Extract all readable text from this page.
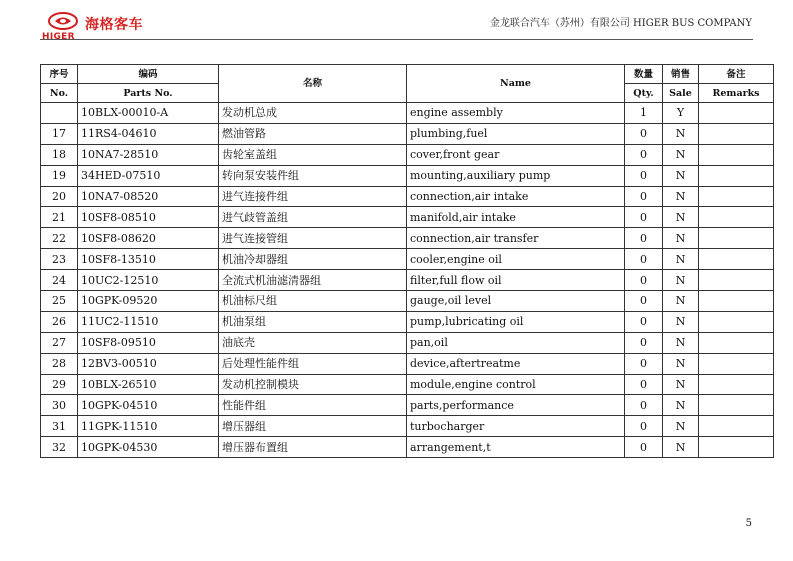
海格客车
HIGER
金龙联合汽车（苏州）有限公司 HIGER BUS COMPANY
序号	编码	名称	Name	数量	销售	备注
No.	Parts No.			Qty.	Sale	Remarks
	10BLX-00010-A	发动机总成	engine assembly	1	Y	
17	11RS4-04610	燃油管路	plumbing,fuel	0	N	
18	10NA7-28510	齿轮室盖组	cover,front gear	0	N	
19	34HED-07510	转向泵安装件组	mounting,auxiliary pump	0	N	
20	10NA7-08520	进气连接件组	connection,air intake	0	N	
21	10SF8-08510	进气歧管盖组	manifold,air intake	0	N	
22	10SF8-08620	进气连接管组	connection,air transfer	0	N	
23	10SF8-13510	机油冷却器组	cooler,engine oil	0	N	
24	10UC2-12510	全流式机油滤清器组	filter,full flow oil	0	N	
25	10GPK-09520	机油标尺组	gauge,oil level	0	N	
26	11UC2-11510	机油泵组	pump,lubricating oil	0	N	
27	10SF8-09510	油底壳	pan,oil	0	N	
28	12BV3-00510	后处理性能件组	device,aftertreatme	0	N	
29	10BLX-26510	发动机控制模块	module,engine control	0	N	
30	10GPK-04510	性能件组	parts,performance	0	N	
31	11GPK-11510	增压器组	turbocharger	0	N	
32	10GPK-04530	增压器布置组	arrangement,t	0	N	
5
